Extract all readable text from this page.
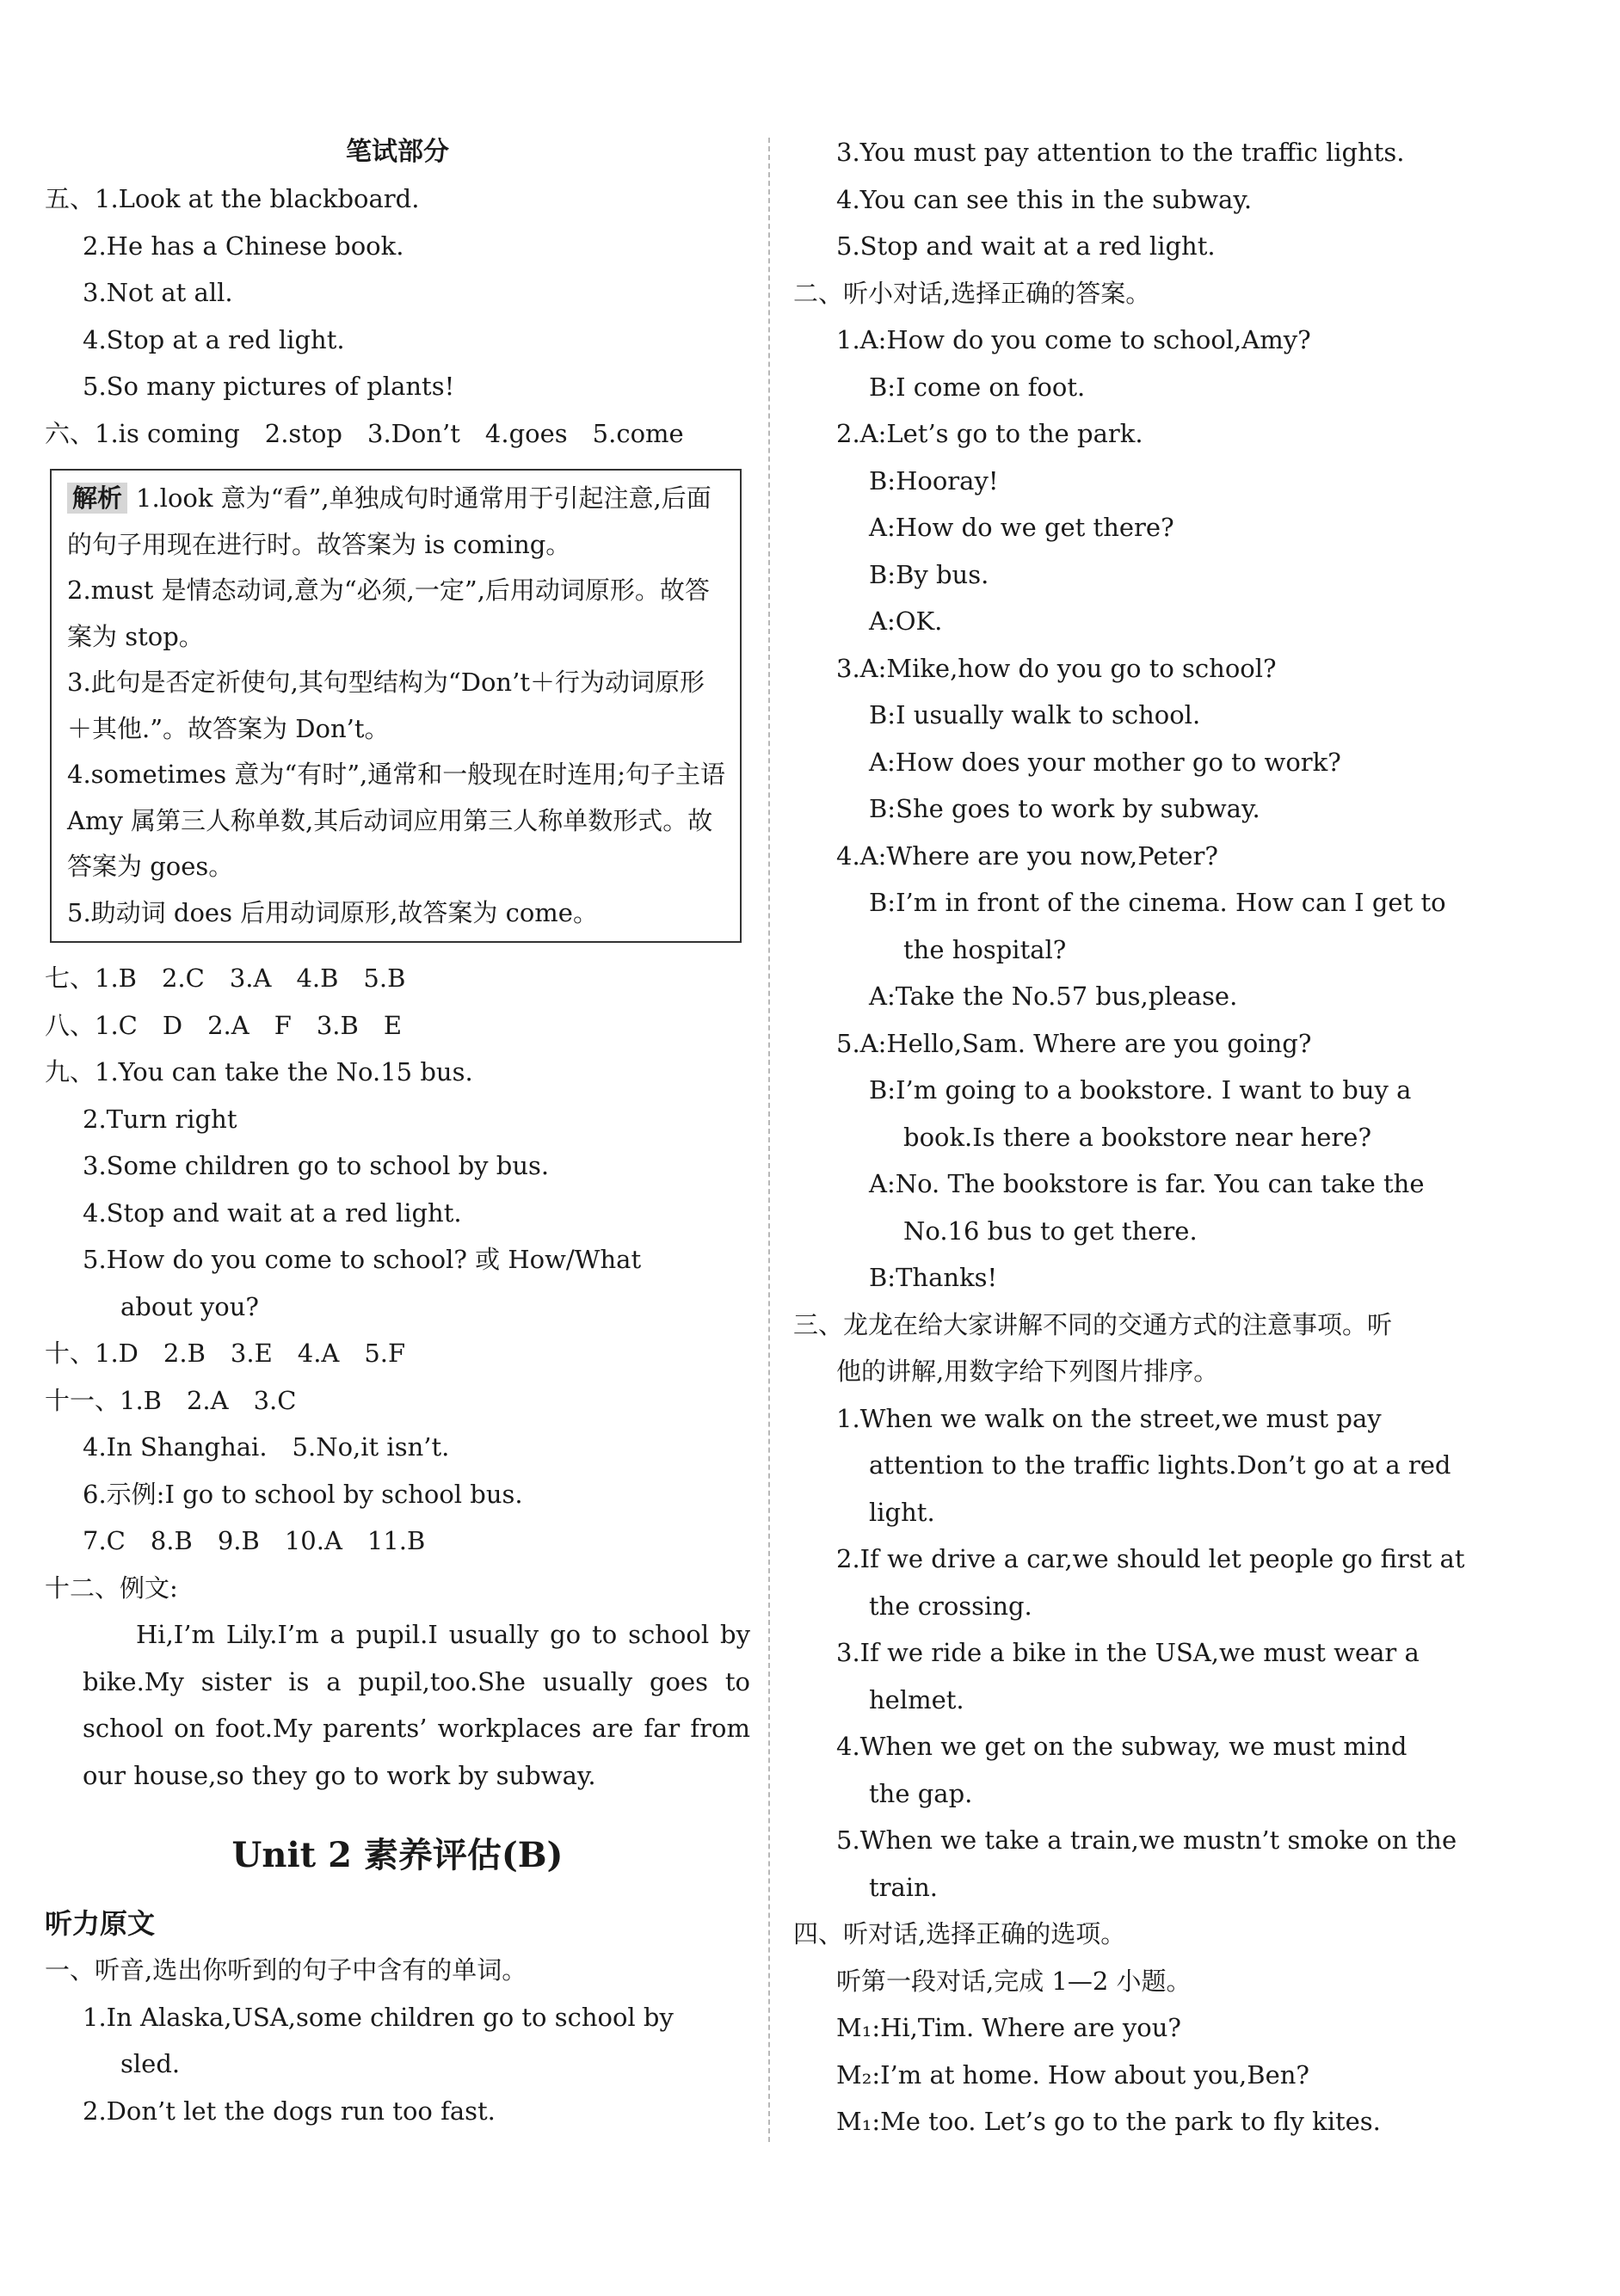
笔试部分
五、1.Look at the blackboard.
2.He has a Chinese book.
3.Not at all.
4.Stop at a red light.
5.So many pictures of plants!
六、1.is coming　2.stop　3.Don’t　4.goes　5.come
解析 1.look 意为“看”,单独成句时通常用于引起注意,后面的句子用现在进行时。故答案为 is coming。
2.must 是情态动词,意为“必须,一定”,后用动词原形。故答案为 stop。
3.此句是否定祈使句,其句型结构为“Don’t＋行为动词原形＋其他.”。故答案为 Don’t。
4.sometimes 意为“有时”,通常和一般现在时连用;句子主语 Amy 属第三人称单数,其后动词应用第三人称单数形式。故答案为 goes。
5.助动词 does 后用动词原形,故答案为 come。
七、1.B　2.C　3.A　4.B　5.B
八、1.C　D　2.A　F　3.B　E
九、1.You can take the No.15 bus.
2.Turn right
3.Some children go to school by bus.
4.Stop and wait at a red light.
5.How do you come to school? 或 How/What
about you?
十、1.D　2.B　3.E　4.A　5.F
十一、1.B　2.A　3.C
4.In Shanghai.　5.No,it isn’t.
6.示例:I go to school by school bus.
7.C　8.B　9.B　10.A　11.B
十二、例文:
Hi,I’m Lily.I’m a pupil.I usually go to school by bike.My sister is a pupil,too.She usually goes to school on foot.My parents’ workplaces are far from our house,so they go to work by subway.
Unit 2 素养评估(B)
听力原文
一、听音,选出你听到的句子中含有的单词。
1.In Alaska,USA,some children go to school by
sled.
2.Don’t let the dogs run too fast.
3.You must pay attention to the traffic lights.
4.You can see this in the subway.
5.Stop and wait at a red light.
二、听小对话,选择正确的答案。
1.A:How do you come to school,Amy?
B:I come on foot.
2.A:Let’s go to the park.
B:Hooray!
A:How do we get there?
B:By bus.
A:OK.
3.A:Mike,how do you go to school?
B:I usually walk to school.
A:How does your mother go to work?
B:She goes to work by subway.
4.A:Where are you now,Peter?
B:I’m in front of the cinema. How can I get to
the hospital?
A:Take the No.57 bus,please.
5.A:Hello,Sam. Where are you going?
B:I’m going to a bookstore. I want to buy a
book.Is there a bookstore near here?
A:No. The bookstore is far. You can take the
No.16 bus to get there.
B:Thanks!
三、龙龙在给大家讲解不同的交通方式的注意事项。听
他的讲解,用数字给下列图片排序。
1.When we walk on the street,we must pay
attention to the traffic lights.Don’t go at a red
light.
2.If we drive a car,we should let people go first at
the crossing.
3.If we ride a bike in the USA,we must wear a
helmet.
4.When we get on the subway, we must mind
the gap.
5.When we take a train,we mustn’t smoke on the
train.
四、听对话,选择正确的选项。
听第一段对话,完成 1—2 小题。
M₁:Hi,Tim. Where are you?
M₂:I’m at home. How about you,Ben?
M₁:Me too. Let’s go to the park to fly kites.
